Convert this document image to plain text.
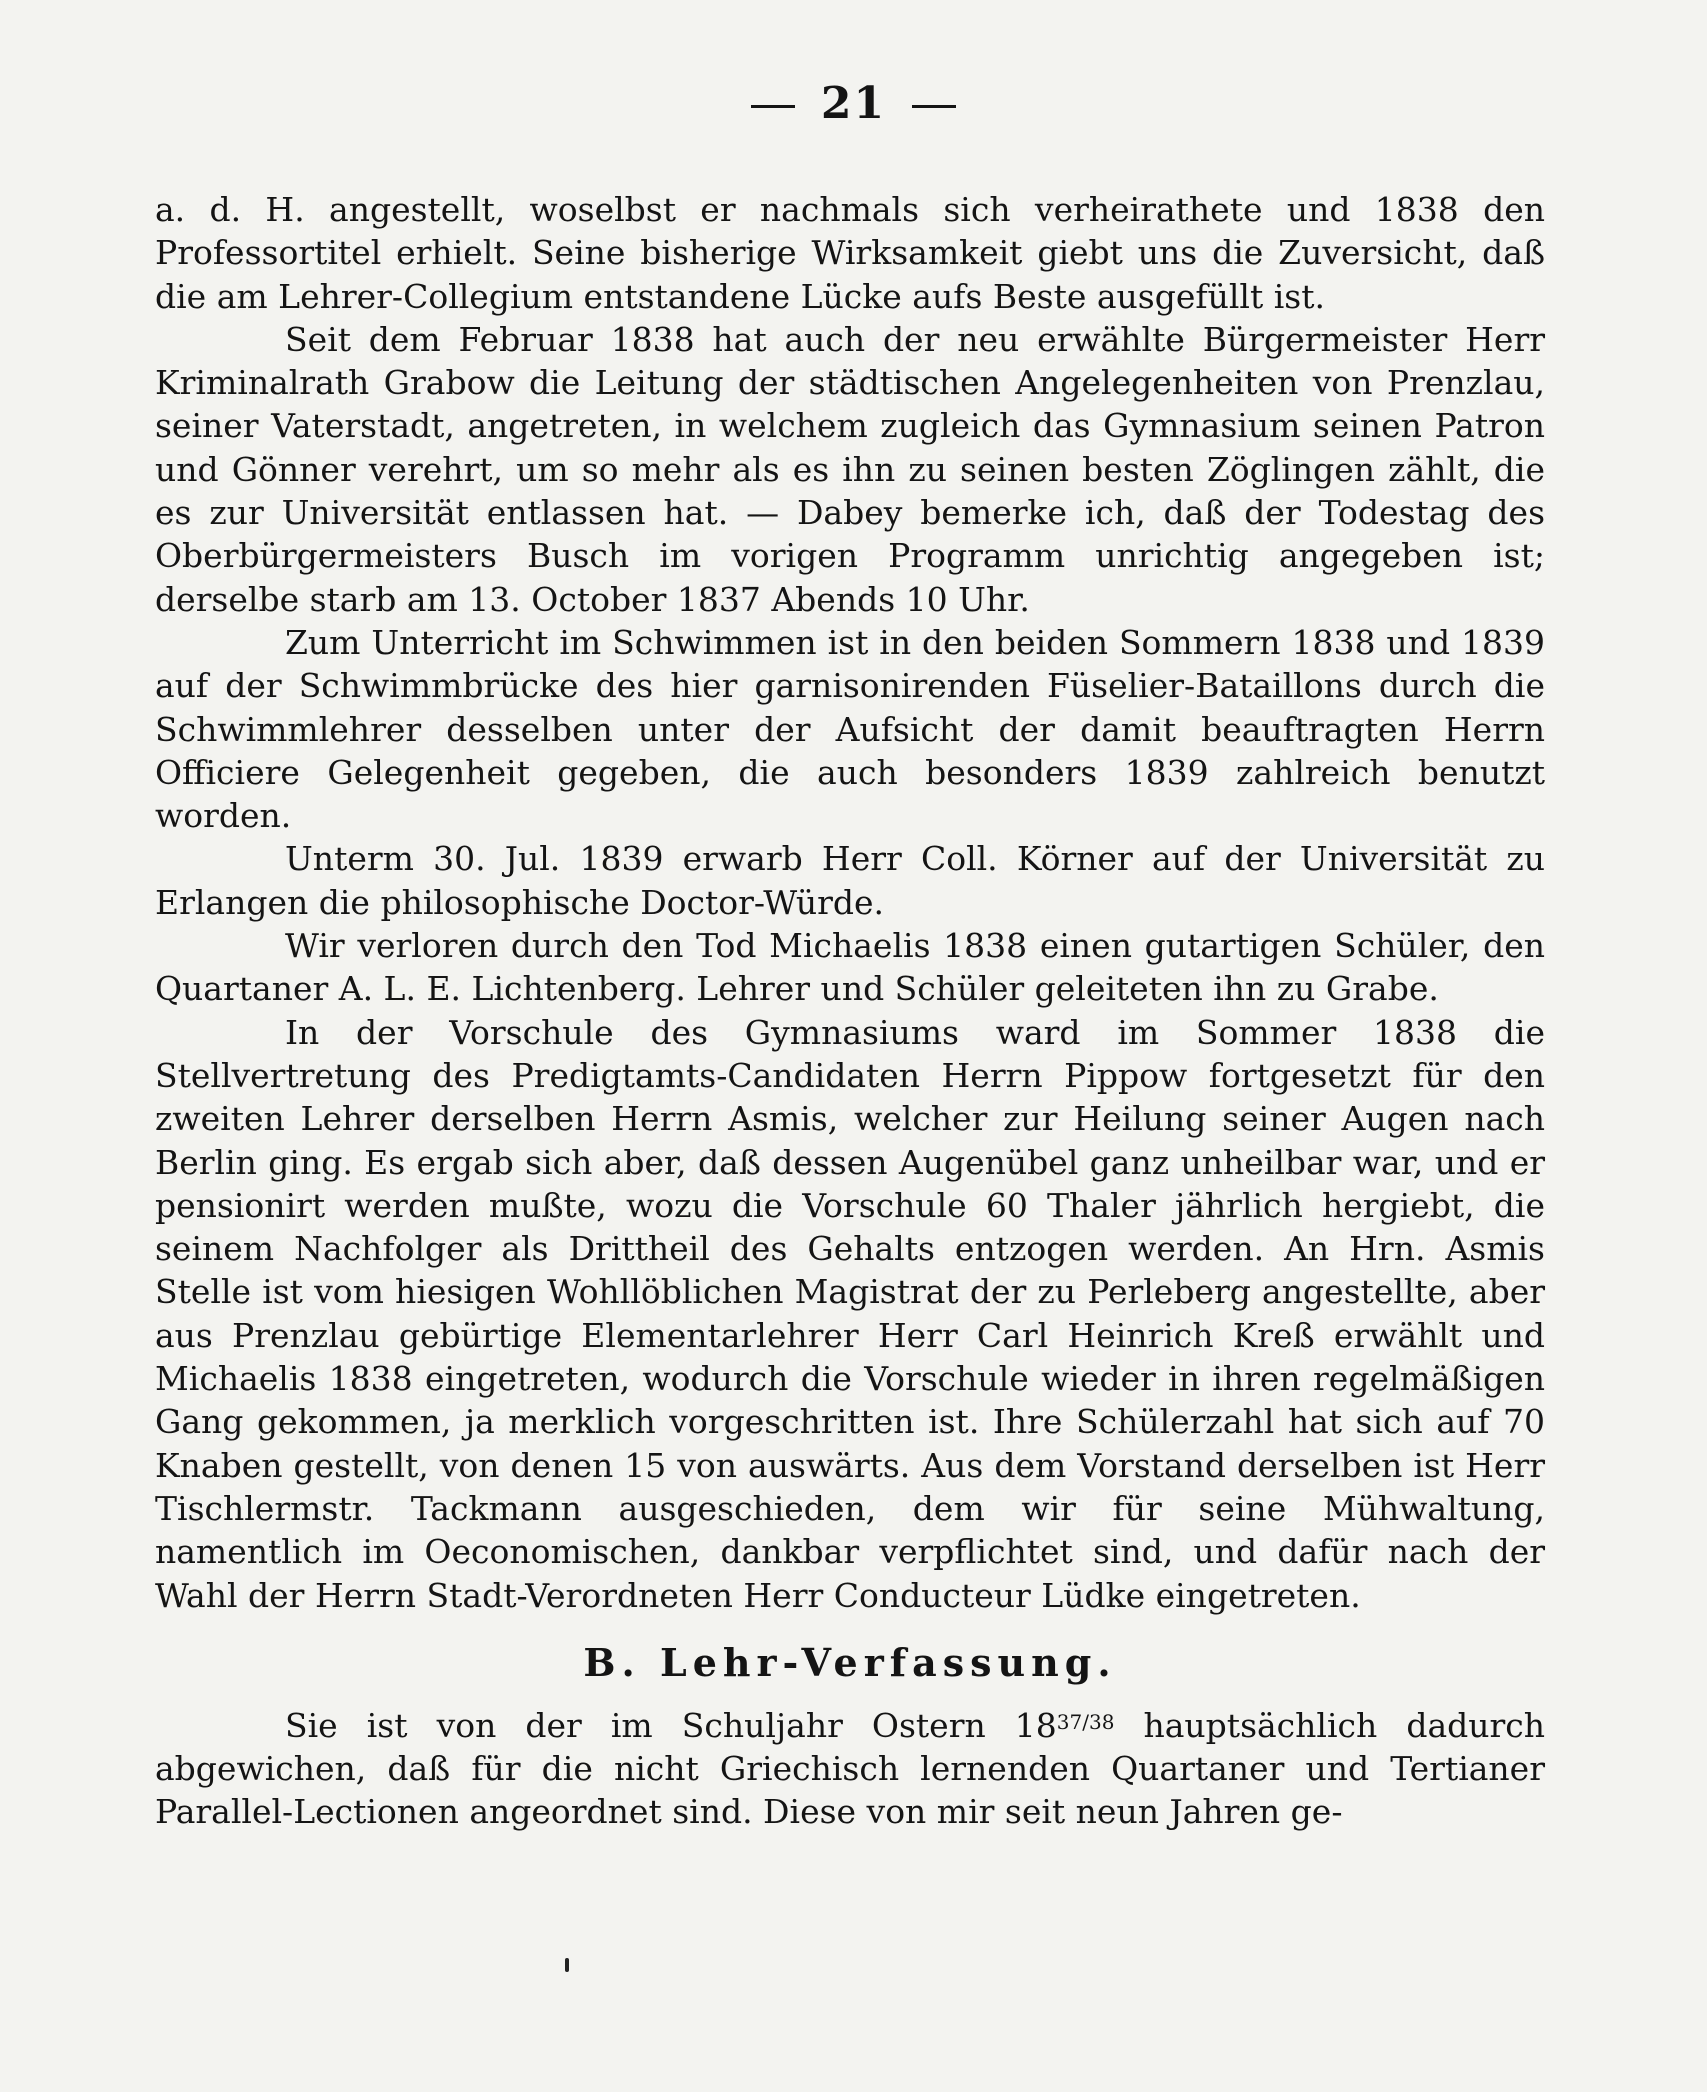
21

a. d. H. angestellt, woselbst er nachmals sich verheirathete und 1838 den Professortitel erhielt. Seine bisherige Wirksamkeit giebt uns die Zuversicht, daß die am Lehrer-Collegium entstandene Lücke aufs Beste ausgefüllt ist.

Seit dem Februar 1838 hat auch der neu erwählte Bürgermeister Herr Kriminalrath Grabow die Leitung der städtischen Angelegenheiten von Prenzlau, seiner Vaterstadt, angetreten, in welchem zugleich das Gymnasium seinen Patron und Gönner verehrt, um so mehr als es ihn zu seinen besten Zöglingen zählt, die es zur Universität entlassen hat. — Dabey bemerke ich, daß der Todestag des Oberbürgermeisters Busch im vorigen Programm unrichtig angegeben ist; derselbe starb am 13. October 1837 Abends 10 Uhr.

Zum Unterricht im Schwimmen ist in den beiden Sommern 1838 und 1839 auf der Schwimmbrücke des hier garnisonirenden Füselier-Bataillons durch die Schwimmlehrer desselben unter der Aufsicht der damit beauftragten Herrn Officiere Gelegenheit gegeben, die auch besonders 1839 zahlreich benutzt worden.

Unterm 30. Jul. 1839 erwarb Herr Coll. Körner auf der Universität zu Erlangen die philosophische Doctor-Würde.

Wir verloren durch den Tod Michaelis 1838 einen gutartigen Schüler, den Quartaner A. L. E. Lichtenberg. Lehrer und Schüler geleiteten ihn zu Grabe.

In der Vorschule des Gymnasiums ward im Sommer 1838 die Stellvertretung des Predigtamts-Candidaten Herrn Pippow fortgesetzt für den zweiten Lehrer derselben Herrn Asmis, welcher zur Heilung seiner Augen nach Berlin ging. Es ergab sich aber, daß dessen Augenübel ganz unheilbar war, und er pensionirt werden mußte, wozu die Vorschule 60 Thaler jährlich hergiebt, die seinem Nachfolger als Drittheil des Gehalts entzogen werden. An Hrn. Asmis Stelle ist vom hiesigen Wohllöblichen Magistrat der zu Perleberg angestellte, aber aus Prenzlau gebürtige Elementarlehrer Herr Carl Heinrich Kreß erwählt und Michaelis 1838 eingetreten, wodurch die Vorschule wieder in ihren regelmäßigen Gang gekommen, ja merklich vorgeschritten ist. Ihre Schülerzahl hat sich auf 70 Knaben gestellt, von denen 15 von auswärts. Aus dem Vorstand derselben ist Herr Tischlermstr. Tackmann ausgeschieden, dem wir für seine Mühwaltung, namentlich im Oeconomischen, dankbar verpflichtet sind, und dafür nach der Wahl der Herrn Stadt-Verordneten Herr Conducteur Lüdke eingetreten.

B. Lehr-Verfassung.

Sie ist von der im Schuljahr Ostern $18^{37/38}$ hauptsächlich dadurch abgewichen, daß für die nicht Griechisch lernenden Quartaner und Tertianer Parallel-Lectionen angeordnet sind. Diese von mir seit neun Jahren ge-
